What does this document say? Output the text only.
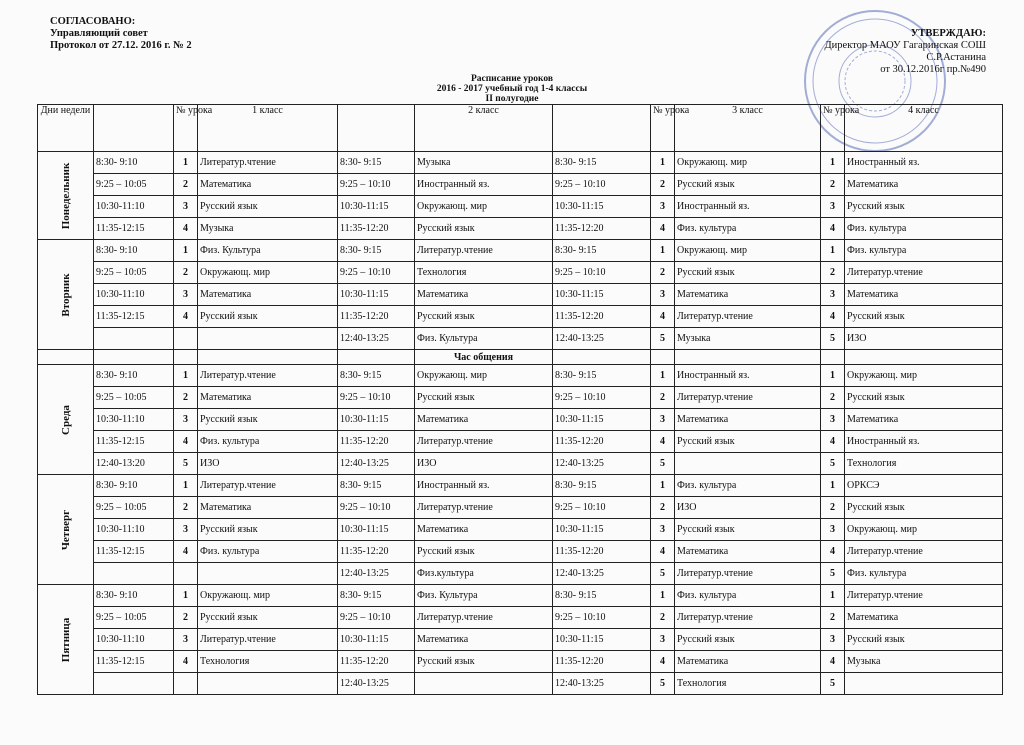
СОГЛАСОВАНО:
Управляющий совет
Протокол от 27.12. 2016 г. № 2
УТВЕРЖДАЮ:
Директор МАОУ Гагаринская СОШ
С.Р.Астанина
от 30.12.2016г пр.№490
Расписание уроков
2016 - 2017 учебный год 1-4 классы
II полугодие
Дни недели		№ урока	1 класс		2 класс		№ урока	3 класс	№ урока	4 класс

Понедельник	8:30- 9:10	1	Литератур.чтение	8:30- 9:15	Музыка	8:30- 9:15	1	Окружающ. мир	1	Иностранный яз.
	9:25 – 10:05	2	Математика	9:25 – 10:10	Иностранный яз.	9:25 – 10:10	2	Русский язык	2	Математика
	10:30-11:10	3	Русский язык	10:30-11:15	Окружающ. мир	10:30-11:15	3	Иностранный яз.	3	Русский язык
	11:35-12:15	4	Музыка	11:35-12:20	Русский язык	11:35-12:20	4	Физ. культура	4	Физ. культура

Вторник	8:30- 9:10	1	Физ. Культура	8:30- 9:15	Литератур.чтение	8:30- 9:15	1	Окружающ. мир	1	Физ. культура
	9:25 – 10:05	2	Окружающ. мир	9:25 – 10:10	Технология	9:25 – 10:10	2	Русский язык	2	Литератур.чтение
	10:30-11:10	3	Математика	10:30-11:15	Математика	10:30-11:15	3	Математика	3	Математика
	11:35-12:15	4	Русский язык	11:35-12:20	Русский язык	11:35-12:20	4	Литератур.чтение	4	Русский язык
				12:40-13:25	Физ. Культура	12:40-13:25	5	Музыка	5	ИЗО
					Час общения					

Среда	8:30- 9:10	1	Литератур.чтение	8:30- 9:15	Окружающ. мир	8:30- 9:15	1	Иностранный яз.	1	Окружающ. мир
	9:25 – 10:05	2	Математика	9:25 – 10:10	Русский язык	9:25 – 10:10	2	Литератур.чтение	2	Русский язык
	10:30-11:10	3	Русский язык	10:30-11:15	Математика	10:30-11:15	3	Математика	3	Математика
	11:35-12:15	4	Физ. культура	11:35-12:20	Литератур.чтение	11:35-12:20	4	Русский язык	4	Иностранный яз.
	12:40-13:20	5	ИЗО	12:40-13:25	ИЗО	12:40-13:25	5		5	Технология

Четверг	8:30- 9:10	1	Литератур.чтение	8:30- 9:15	Иностранный яз.	8:30- 9:15	1	Физ. культура	1	ОРКСЭ
	9:25 – 10:05	2	Математика	9:25 – 10:10	Литератур.чтение	9:25 – 10:10	2	ИЗО	2	Русский язык
	10:30-11:10	3	Русский язык	10:30-11:15	Математика	10:30-11:15	3	Русский язык	3	Окружающ. мир
	11:35-12:15	4	Физ. культура	11:35-12:20	Русский язык	11:35-12:20	4	Математика	4	Литератур.чтение
				12:40-13:25	Физ.культура	12:40-13:25	5	Литератур.чтение	5	Физ. культура

Пятница	8:30- 9:10	1	Окружающ. мир	8:30- 9:15	Физ. Культура	8:30- 9:15	1	Физ. культура	1	Литератур.чтение
	9:25 – 10:05	2	Русский язык	9:25 – 10:10	Литератур.чтение	9:25 – 10:10	2	Литератур.чтение	2	Математика
	10:30-11:10	3	Литератур.чтение	10:30-11:15	Математика	10:30-11:15	3	Русский язык	3	Русский язык
	11:35-12:15	4	Технология	11:35-12:20	Русский язык	11:35-12:20	4	Математика	4	Музыка
				12:40-13:25		12:40-13:25	5	Технология	5	
